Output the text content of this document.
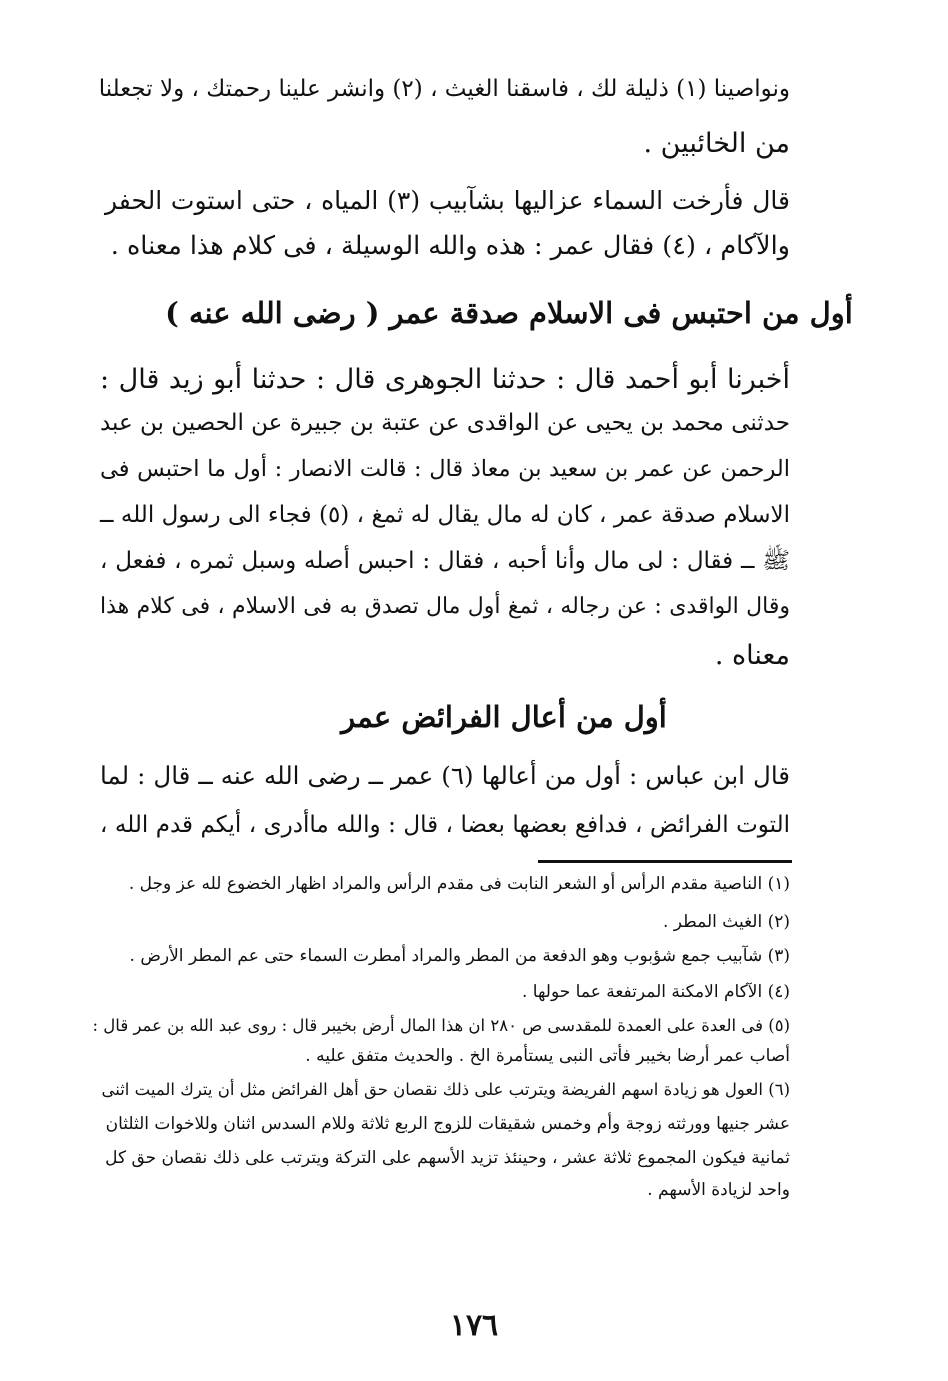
ونواصينا (١) ذليلة لك ، فاسقنا الغيث ، (٢) وانشر علينا رحمتك ، ولا تجعلنا
من الخائبين .
قال فأرخت السماء عزاليها بشآبيب (٣) المياه ، حتى استوت الحفر
والآكام ، (٤) فقال عمر : هذه والله الوسيلة ، فى كلام هذا معناه .
أول من احتبس فى الاسلام صدقة عمر ( رضى الله عنه )
أخبرنا أبو أحمد قال : حدثنا الجوهرى قال : حدثنا أبو زيد قال :
حدثنى محمد بن يحيى عن الواقدى عن عتبة بن جبيرة عن الحصين بن عبد
الرحمن عن عمر بن سعيد بن معاذ قال : قالت الانصار : أول ما احتبس فى
الاسلام صدقة عمر ، كان له مال يقال له ثمغ ، (٥) فجاء الى رسول الله ــ
ﷺ ــ فقال : لى مال وأنا أحبه ، فقال : احبس أصله وسبل ثمره ، ففعل ،
وقال الواقدى : عن رجاله ، ثمغ أول مال تصدق به فى الاسلام ، فى كلام هذا
معناه .
أول من أعال الفرائض عمر
قال ابن عباس : أول من أعالها (٦) عمر ــ رضى الله عنه ــ قال : لما
التوت الفرائض ، فدافع بعضها بعضا ، قال : والله ماأدرى ، أيكم قدم الله ،
(١) الناصية مقدم الرأس أو الشعر النابت فى مقدم الرأس والمراد اظهار الخضوع لله عز وجل .
(٢) الغيث المطر .
(٣) شآبيب جمع شؤبوب وهو الدفعة من المطر والمراد أمطرت السماء حتى عم المطر الأرض .
(٤) الآكام الامكنة المرتفعة عما حولها .
(٥) فى العدة على العمدة للمقدسى ص ٢٨٠ ان هذا المال أرض بخيبر قال : روى عبد الله بن عمر قال :
أصاب عمر أرضا بخيبر فأتى النبى يستأمرة الخ . والحديث متفق عليه .
(٦) العول هو زيادة اسهم الفريضة ويترتب على ذلك نقصان حق أهل الفرائض مثل أن يترك الميت اثنى
عشر جنيها وورثته زوجة وأم وخمس شقيقات للزوج الربع ثلاثة وللام السدس اثنان وللاخوات الثلثان
ثمانية فيكون المجموع ثلاثة عشر ، وحينئذ تزيد الأسهم على التركة ويترتب على ذلك نقصان حق كل
واحد لزيادة الأسهم .
١٧٦
